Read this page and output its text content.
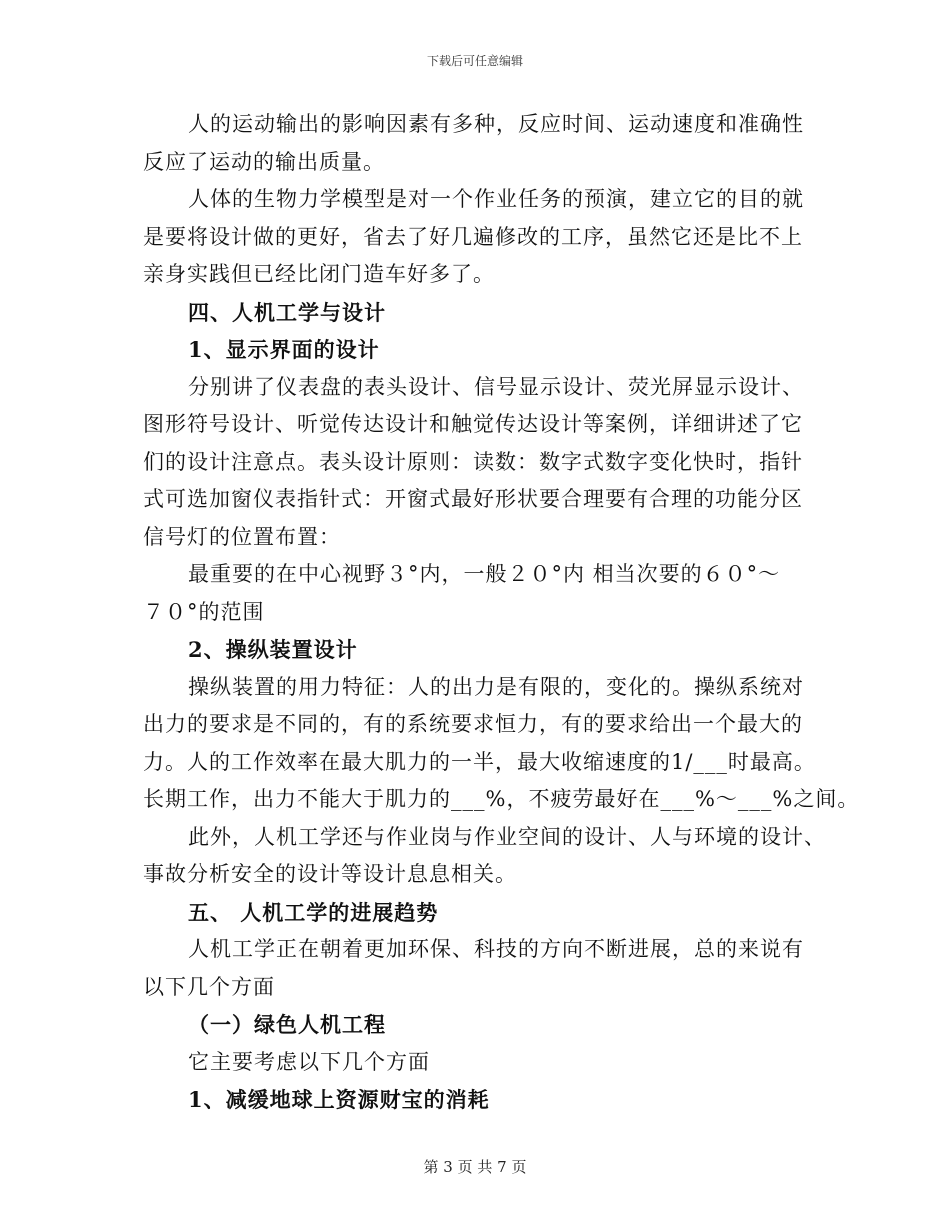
下载后可任意编辑
人的运动输出的影响因素有多种，反应时间、运动速度和准确性
反应了运动的输出质量。
人体的生物力学模型是对一个作业任务的预演，建立它的目的就
是要将设计做的更好，省去了好几遍修改的工序，虽然它还是比不上
亲身实践但已经比闭门造车好多了。
四、人机工学与设计
1、显示界面的设计
分别讲了仪表盘的表头设计、信号显示设计、荧光屏显示设计、
图形符号设计、听觉传达设计和触觉传达设计等案例，详细讲述了它
们的设计注意点。表头设计原则：读数：数字式数字变化快时，指针
式可选加窗仪表指针式：开窗式最好形状要合理要有合理的功能分区
信号灯的位置布置：
最重要的在中心视野３°内，一般２０°内 相当次要的６０°～
７０°的范围
2、操纵装置设计
操纵装置的用力特征：人的出力是有限的，变化的。操纵系统对
出力的要求是不同的，有的系统要求恒力，有的要求给出一个最大的
力。人的工作效率在最大肌力的一半，最大收缩速度的1/___时最高。
长期工作，出力不能大于肌力的___%，不疲劳最好在___%～___%之间。
此外，人机工学还与作业岗与作业空间的设计、人与环境的设计、
事故分析安全的设计等设计息息相关。
五、 人机工学的进展趋势
人机工学正在朝着更加环保、科技的方向不断进展，总的来说有
以下几个方面
（一）绿色人机工程
它主要考虑以下几个方面
1、减缓地球上资源财宝的消耗
第 3 页 共 7 页
